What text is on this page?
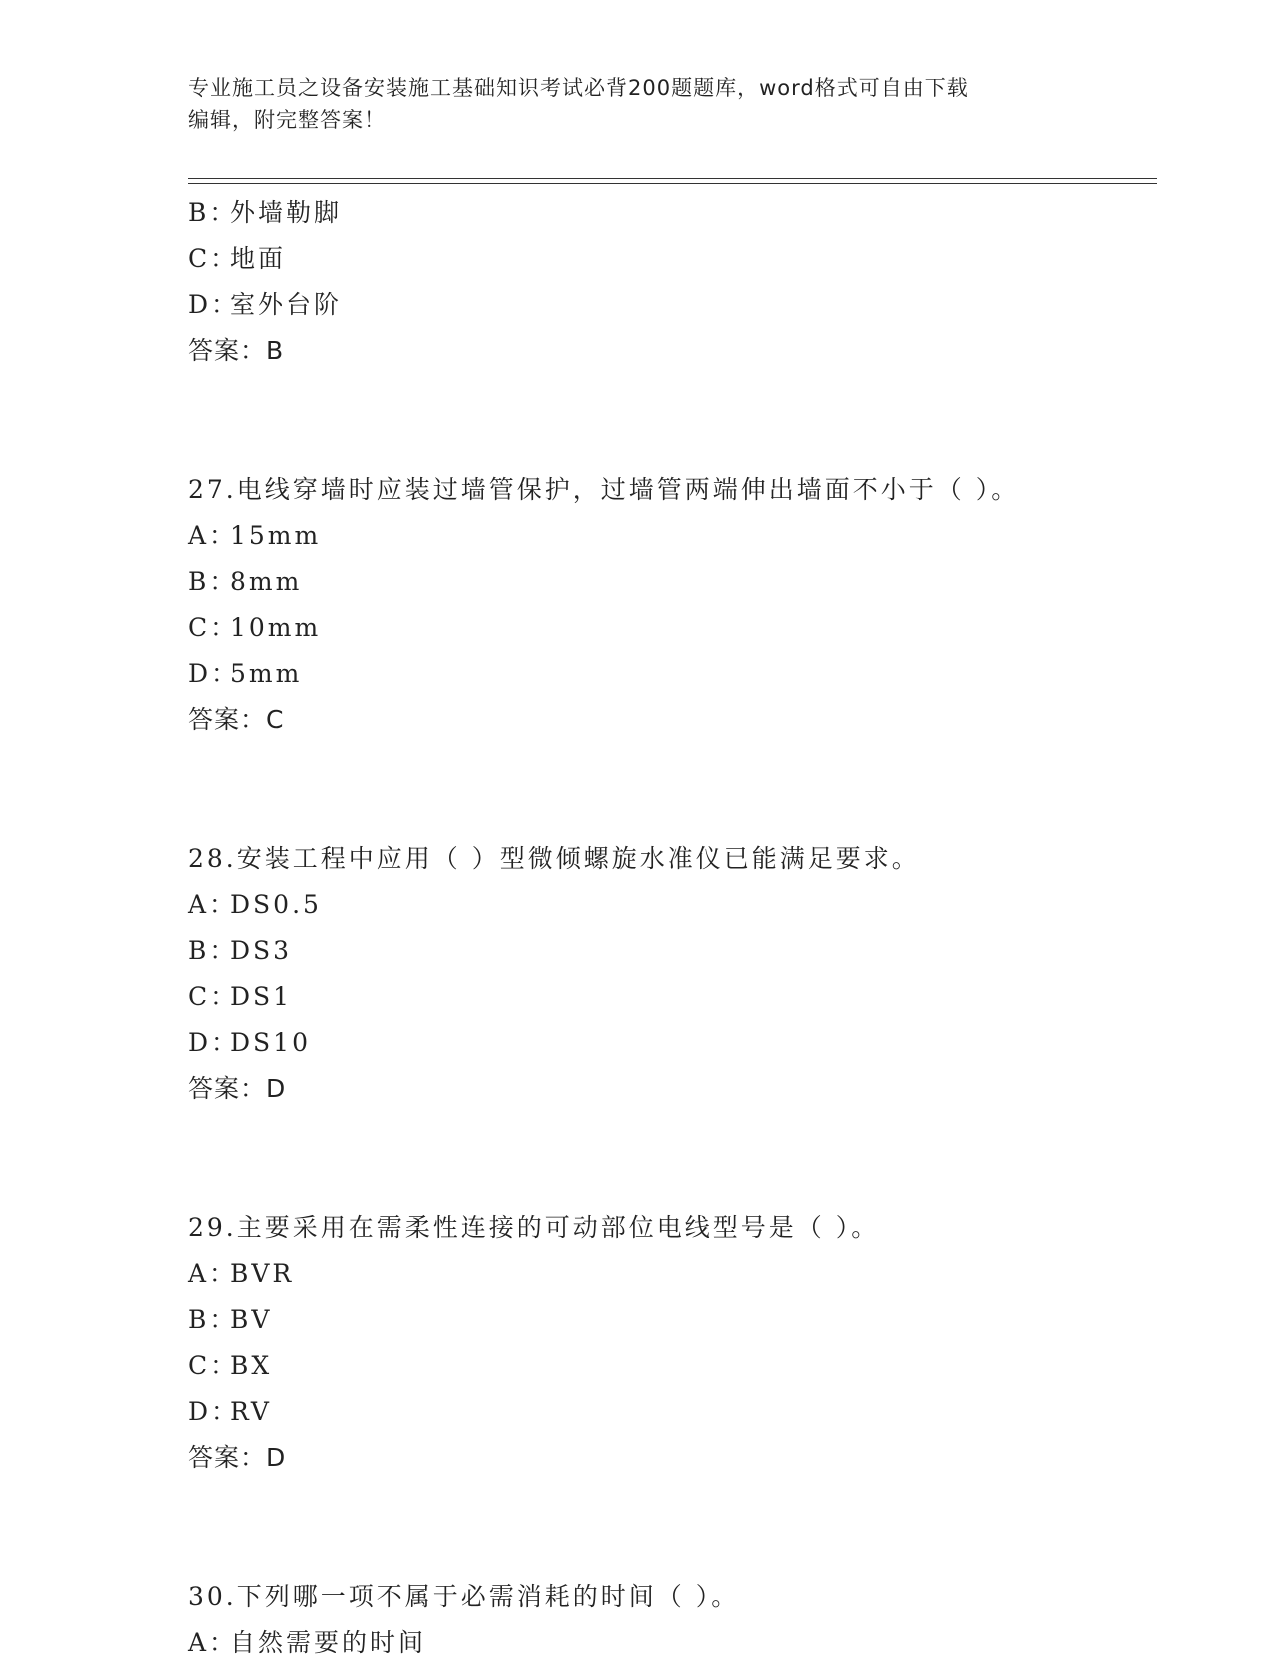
专业施工员之设备安装施工基础知识考试必背200题题库，word格式可自由下载
编辑，附完整答案！
B：外墙勒脚
C：地面
D：室外台阶
答案：B
27.电线穿墙时应装过墙管保护，过墙管两端伸出墙面不小于（ ）。
A：15mm
B：8mm
C：10mm
D：5mm
答案：C
28.安装工程中应用（ ）型微倾螺旋水准仪已能满足要求。
A：DS0.5
B：DS3
C：DS1
D：DS10
答案：D
29.主要采用在需柔性连接的可动部位电线型号是（ ）。
A：BVR
B：BV
C：BX
D：RV
答案：D
30.下列哪一项不属于必需消耗的时间（ ）。
A：自然需要的时间
